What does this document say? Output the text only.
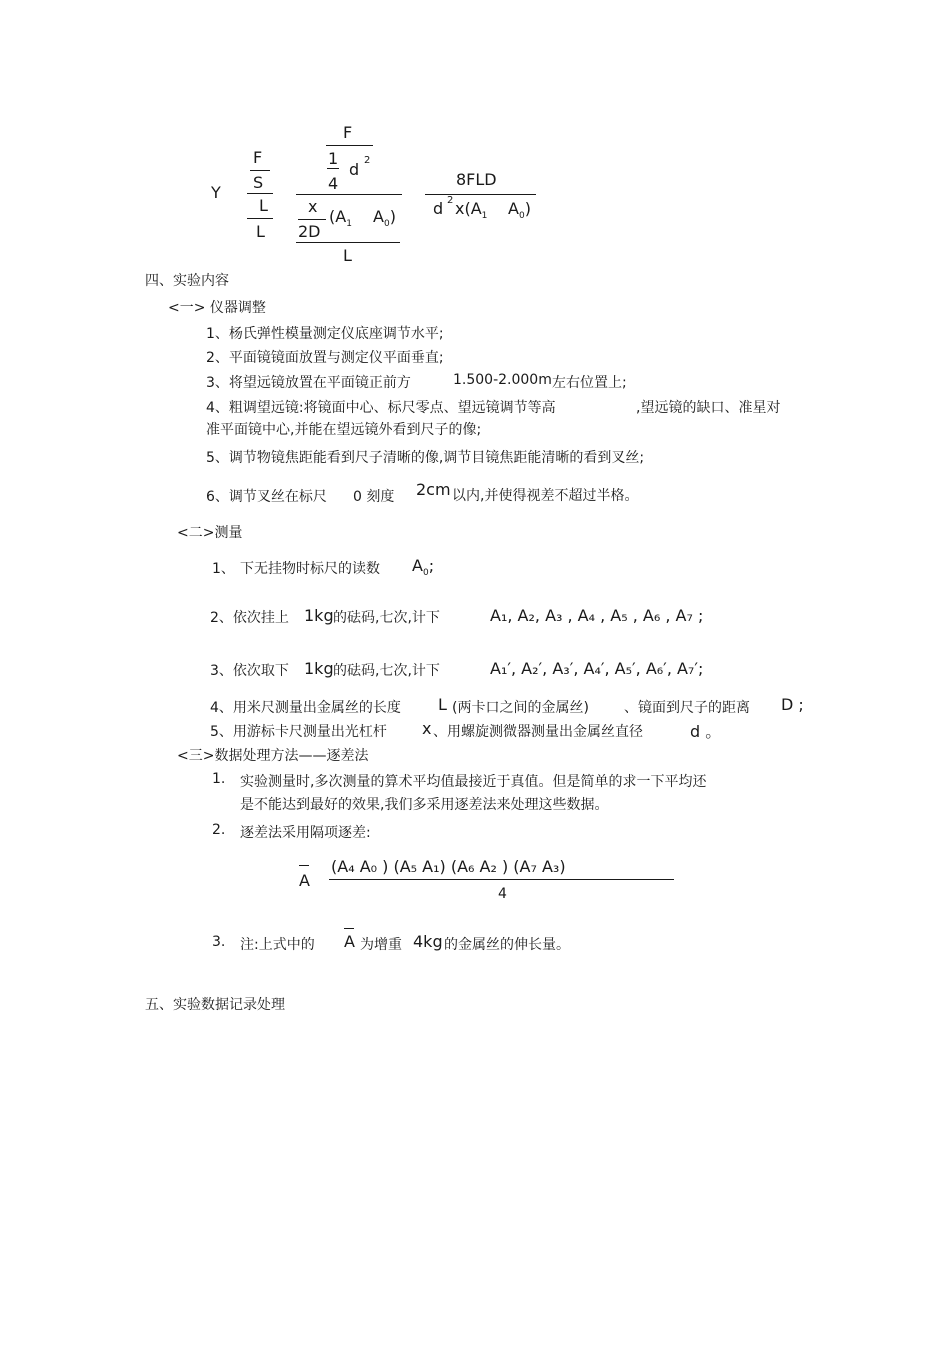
Y
F
S
L
L
F
1
4
d 2
x
2D
($A_1$ $A_0$)
L
8FLD
d 2 $x(A_1$ $A_0$)
四、实验内容
<一> 仪器调整
1、杨氏弹性模量测定仪底座调节水平;
2、平面镜镜面放置与测定仪平面垂直;
3、将望远镜放置在平面镜正前方	1.500-2.000m 左右位置上;
4、粗调望远镜:将镜面中心、标尺零点、望远镜调节等高	,望远镜的缺口、准星对
准平面镜中心,并能在望远镜外看到尺子的像;
5、调节物镜焦距能看到尺子清晰的像,调节目镜焦距能清晰的看到叉丝;
6、调节叉丝在标尺 0 刻度 2cm 以内,并使得视差不超过半格。
<二>测量
1、 下无挂物时标尺的读数 $A_0$;
2、依次挂上 1kg 的砝码,七次,计下	A₁, A₂, A₃ , A₄ , A₅ , A₆ , A₇ ;
3、依次取下 1kg 的砝码,七次,计下	A₁′, A₂′, A₃′, A₄′, A₅′, A₆′, A₇′;
4、用米尺测量出金属丝的长度 L (两卡口之间的金属丝)	、镜面到尺子的距离 D ;
5、用游标卡尺测量出光杠杆 x 、用螺旋测微器测量出金属丝直径	d 。
<三>数据处理方法——逐差法
1. 实验测量时,多次测量的算术平均值最接近于真值。但是简单的求一下平均还
是不能达到最好的效果,我们多采用逐差法来处理这些数据。
2. 逐差法采用隔项逐差:
A
(A₄ A₀ ) (A₅ A₁) (A₆ A₂ ) (A₇ A₃)
4
3. 注:上式中的 A 为增重 4kg 的金属丝的伸长量。
五、实验数据记录处理
